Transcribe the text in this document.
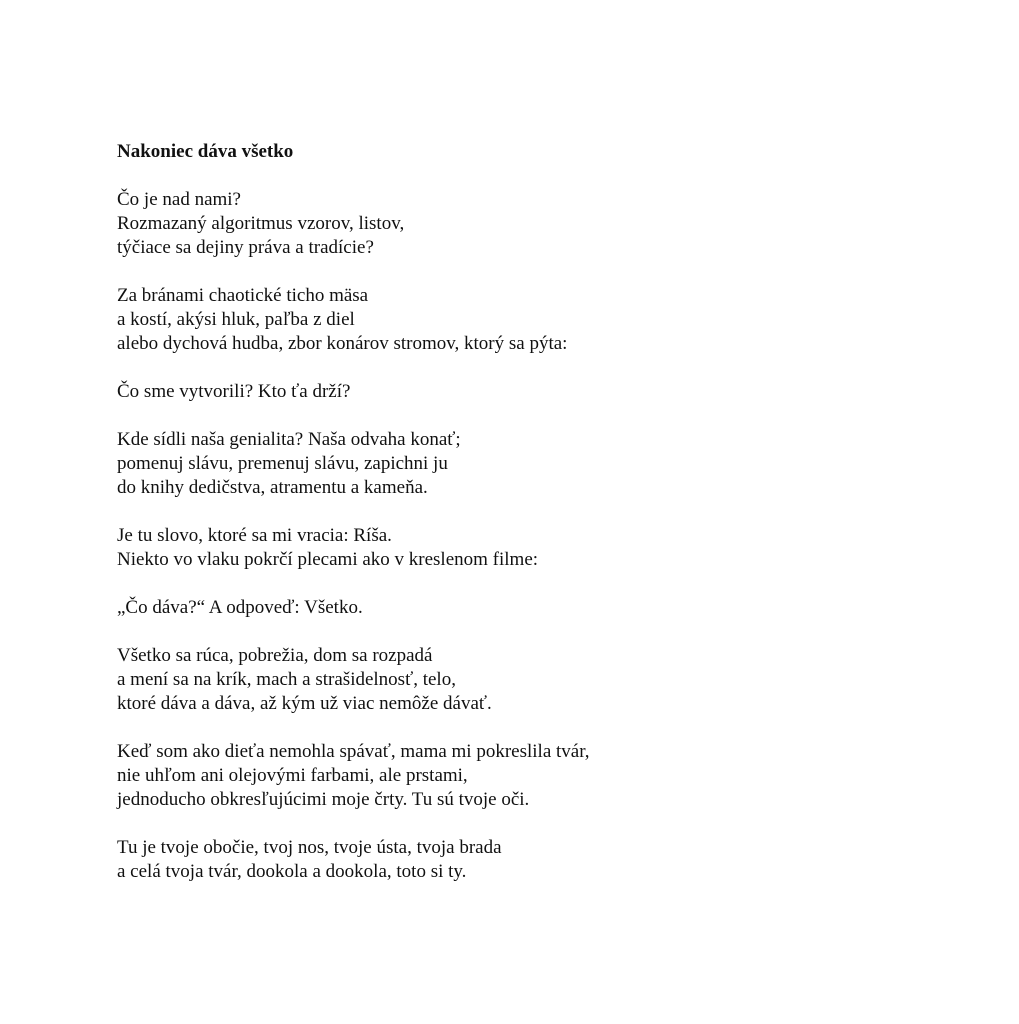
Nakoniec dáva všetko
Čo je nad nami?
Rozmazaný algoritmus vzorov, listov,
týčiace sa dejiny práva a tradície?
Za bránami chaotické ticho mäsa
a kostí, akýsi hluk, paľba z diel
alebo dychová hudba, zbor konárov stromov, ktorý sa pýta:
Čo sme vytvorili? Kto ťa drží?
Kde sídli naša genialita? Naša odvaha konať;
pomenuj slávu, premenuj slávu, zapichni ju
do knihy dedičstva, atramentu a kameňa.
Je tu slovo, ktoré sa mi vracia: Ríša.
Niekto vo vlaku pokrčí plecami ako v kreslenom filme:
„Čo dáva?“ A odpoveď: Všetko.
Všetko sa rúca, pobrežia, dom sa rozpadá
a mení sa na krík, mach a strašidelnosť, telo,
ktoré dáva a dáva, až kým už viac nemôže dávať.
Keď som ako dieťa nemohla spávať, mama mi pokreslila tvár,
nie uhľom ani olejovými farbami, ale prstami,
jednoducho obkresľujúcimi moje črty. Tu sú tvoje oči.
Tu je tvoje obočie, tvoj nos, tvoje ústa, tvoja brada
a celá tvoja tvár, dookola a dookola, toto si ty.
